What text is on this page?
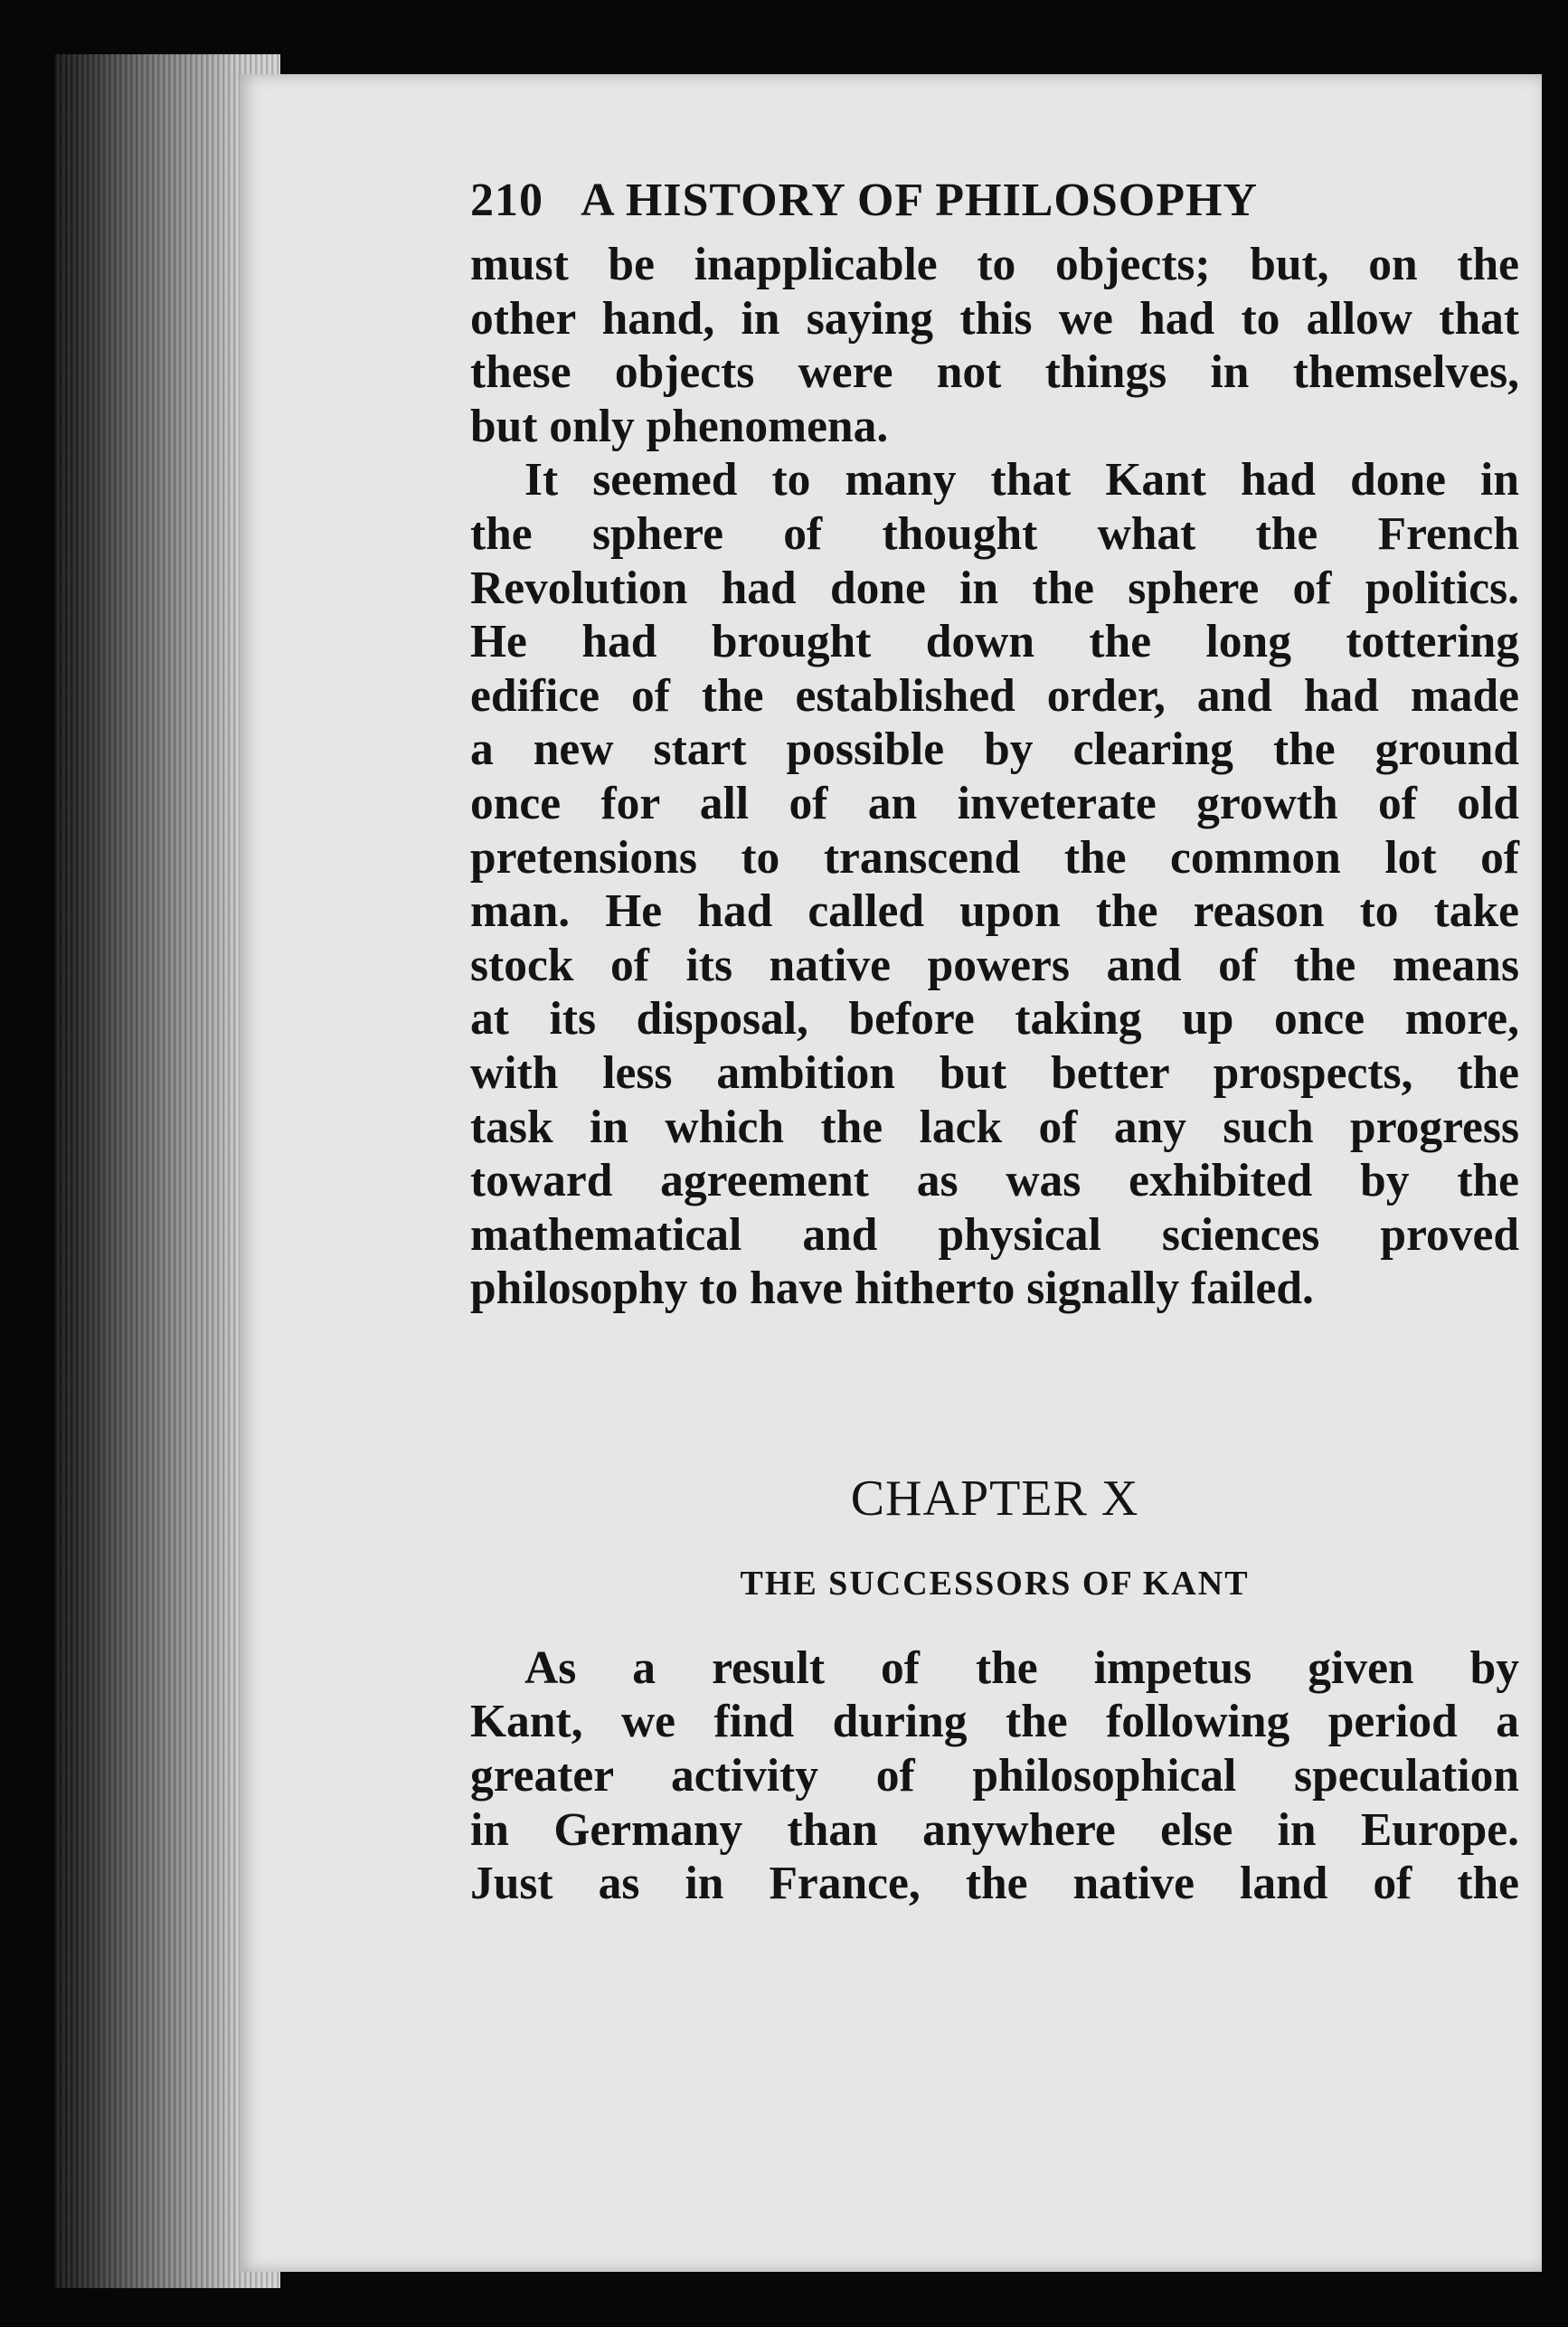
210 A HISTORY OF PHILOSOPHY

must be inapplicable to objects; but, on the
other hand, in saying this we had to allow that
these objects were not things in themselves,
but only phenomena.

It seemed to many that Kant had done in
the sphere of thought what the French
Revolution had done in the sphere of politics.
He had brought down the long tottering
edifice of the established order, and had made
a new start possible by clearing the ground
once for all of an inveterate growth of old
pretensions to transcend the common lot of
man. He had called upon the reason to take
stock of its native powers and of the means
at its disposal, before taking up once more,
with less ambition but better prospects, the
task in which the lack of any such progress
toward agreement as was exhibited by the
mathematical and physical sciences proved
philosophy to have hitherto signally failed.

CHAPTER X
THE SUCCESSORS OF KANT

As a result of the impetus given by
Kant, we find during the following period a
greater activity of philosophical speculation
in Germany than anywhere else in Europe.
Just as in France, the native land of the
